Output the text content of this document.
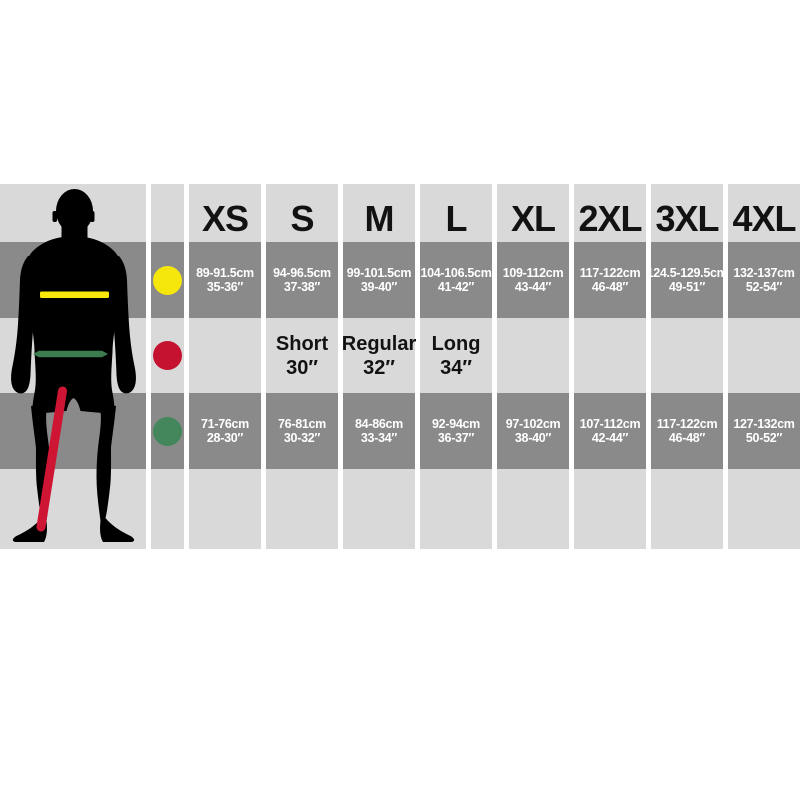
XS
89-91.5cm
35-36″
71-76cm
28-30″
S
94-96.5cm
37-38″
Short
30″
76-81cm
30-32″
M
99-101.5cm
39-40″
Regular
32″
84-86cm
33-34″
L
104-106.5cm
41-42″
Long
34″
92-94cm
36-37″
XL
109-112cm
43-44″
97-102cm
38-40″
2XL
117-122cm
46-48″
107-112cm
42-44″
3XL
124.5-129.5cm
49-51″
117-122cm
46-48″
4XL
132-137cm
52-54″
127-132cm
50-52″
